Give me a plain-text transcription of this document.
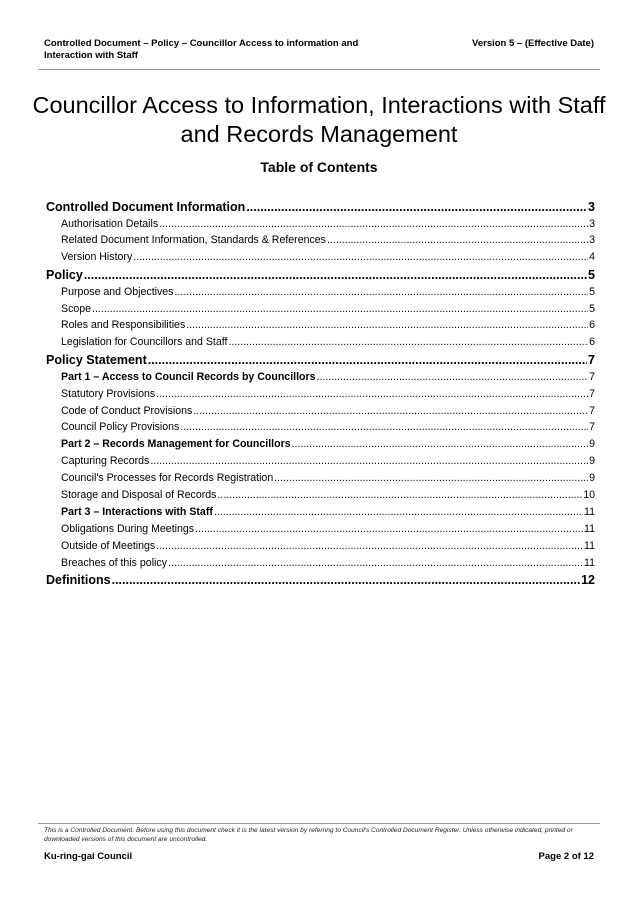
Controlled Document – Policy – Councillor Access to information and Interaction with Staff
Version 5 – (Effective Date)
Councillor Access to Information, Interactions with Staff and Records Management
Table of Contents
Controlled Document Information .....	3
Authorisation Details .....	3
Related Document Information, Standards & References .....	3
Version History .....	4
Policy .....	5
Purpose and Objectives .....	5
Scope .....	5
Roles and Responsibilities .....	6
Legislation for Councillors and Staff .....	6
Policy Statement .....	7
Part 1 – Access to Council Records by Councillors .....	7
Statutory Provisions .....	7
Code of Conduct Provisions .....	7
Council Policy Provisions .....	7
Part 2 – Records Management for Councillors .....	9
Capturing Records .....	9
Council's Processes for Records Registration .....	9
Storage and Disposal of Records .....	10
Part 3 – Interactions with Staff .....	11
Obligations During Meetings .....	11
Outside of Meetings .....	11
Breaches of this policy .....	11
Definitions .....	12
This is a Controlled Document. Before using this document check it is the latest version by referring to Council's Controlled Document Register. Unless otherwise indicated, printed or downloaded versions of this document are uncontrolled.
Ku-ring-gai Council	Page 2 of 12
